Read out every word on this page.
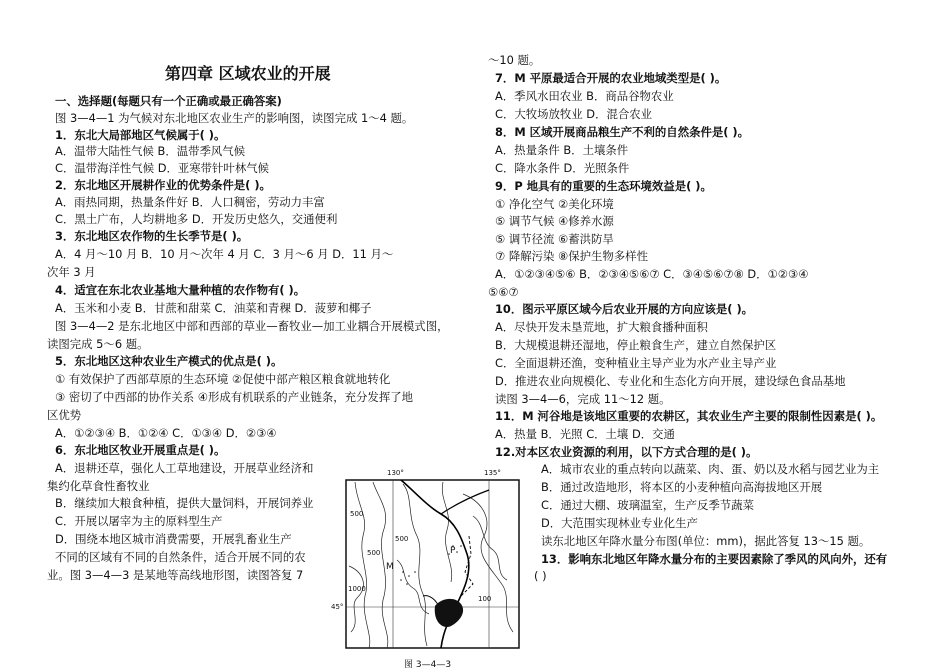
第四章 区域农业的开展
一、选择题(每题只有一个正确或最正确答案)
图 3—4—1 为气候对东北地区农业生产的影响图，读图完成 1～4 题。
1．东北大局部地区气候属于( )。
A．温带大陆性气候 B．温带季风气候
C．温带海洋性气候 D．亚寒带针叶林气候
2．东北地区开展耕作业的优势条件是( )。
A．雨热同期，热量条件好 B．人口稠密，劳动力丰富
C．黑土广布，人均耕地多 D．开发历史悠久，交通便利
3．东北地区农作物的生长季节是( )。
A．4 月～10 月 B．10 月～次年 4 月 C．3 月～6 月 D．11 月～
次年 3 月
4．适宜在东北农业基地大量种植的农作物有( )。
A．玉米和小麦 B．甘蔗和甜菜 C．油菜和青稞 D．菠萝和椰子
图 3—4—2 是东北地区中部和西部的草业—畜牧业—加工业耦合开展模式图，
读图完成 5～6 题。
5．东北地区这种农业生产模式的优点是( )。
① 有效保护了西部草原的生态环境 ②促使中部产粮区粮食就地转化
③ 密切了中西部的协作关系 ④形成有机联系的产业链条，充分发挥了地
区优势
A．①②③④ B．①②④ C．①③④ D．②③④
6．东北地区牧业开展重点是( )。
A．退耕还草，强化人工草地建设，开展草业经济和
集约化草食性畜牧业
B．继续加大粮食种植，提供大量饲料，开展饲养业
C．开展以屠宰为主的原料型生产
D．围绕本地区城市消费需要，开展乳畜业生产
不同的区域有不同的自然条件，适合开展不同的农
业。图 3—4—3 是某地等高线地形图，读图答复 7
～10 题。
7．M 平原最适合开展的农业地域类型是( )。
A．季风水田农业 B．商品谷物农业
C．大牧场放牧业 D．混合农业
8．M 区域开展商品粮生产不利的自然条件是( )。
A．热量条件 B．土壤条件
C．降水条件 D．光照条件
9．P 地具有的重要的生态环境效益是( )。
① 净化空气 ②美化环境
⑤ 调节气候 ④修养水源
⑤ 调节径流 ⑥蓄洪防旱
⑦ 降解污染 ⑧保护生物多样性
A．①②③④⑤⑥ B．②③④⑤⑥⑦ C．③④⑤⑥⑦⑧ D．①②③④
⑤⑥⑦
10．图示平原区域今后农业开展的方向应该是( )。
A．尽快开发未垦荒地，扩大粮食播种面积
B．大规模退耕还湿地，停止粮食生产，建立自然保护区
C．全面退耕还渔，变种植业主导产业为水产业主导产业
D．推进农业向规模化、专业化和生态化方向开展，建设绿色食品基地
读图 3—4—6，完成 11～12 题。
11．M 河谷地是该地区重要的农耕区，其农业生产主要的限制性因素是( )。
A．热量 B．光照 C．土壤 D．交通
12.对本区农业资源的利用，以下方式合理的是( )。
A．城市农业的重点转向以蔬菜、肉、蛋、奶以及水稻与园艺业为主
B．通过改造地形，将本区的小麦种植向高海拔地区开展
C．通过大棚、玻璃温室，生产反季节蔬菜
D．大范围实现林业专业化生产
读东北地区年降水量分布图(单位：mm)，据此答复 13～15 题。
13．影响东北地区年降水量分布的主要因素除了季风的风向外，还有
( )
130°	135°
45°
M
P
500
500
500
1000
100
图 3—4—3
